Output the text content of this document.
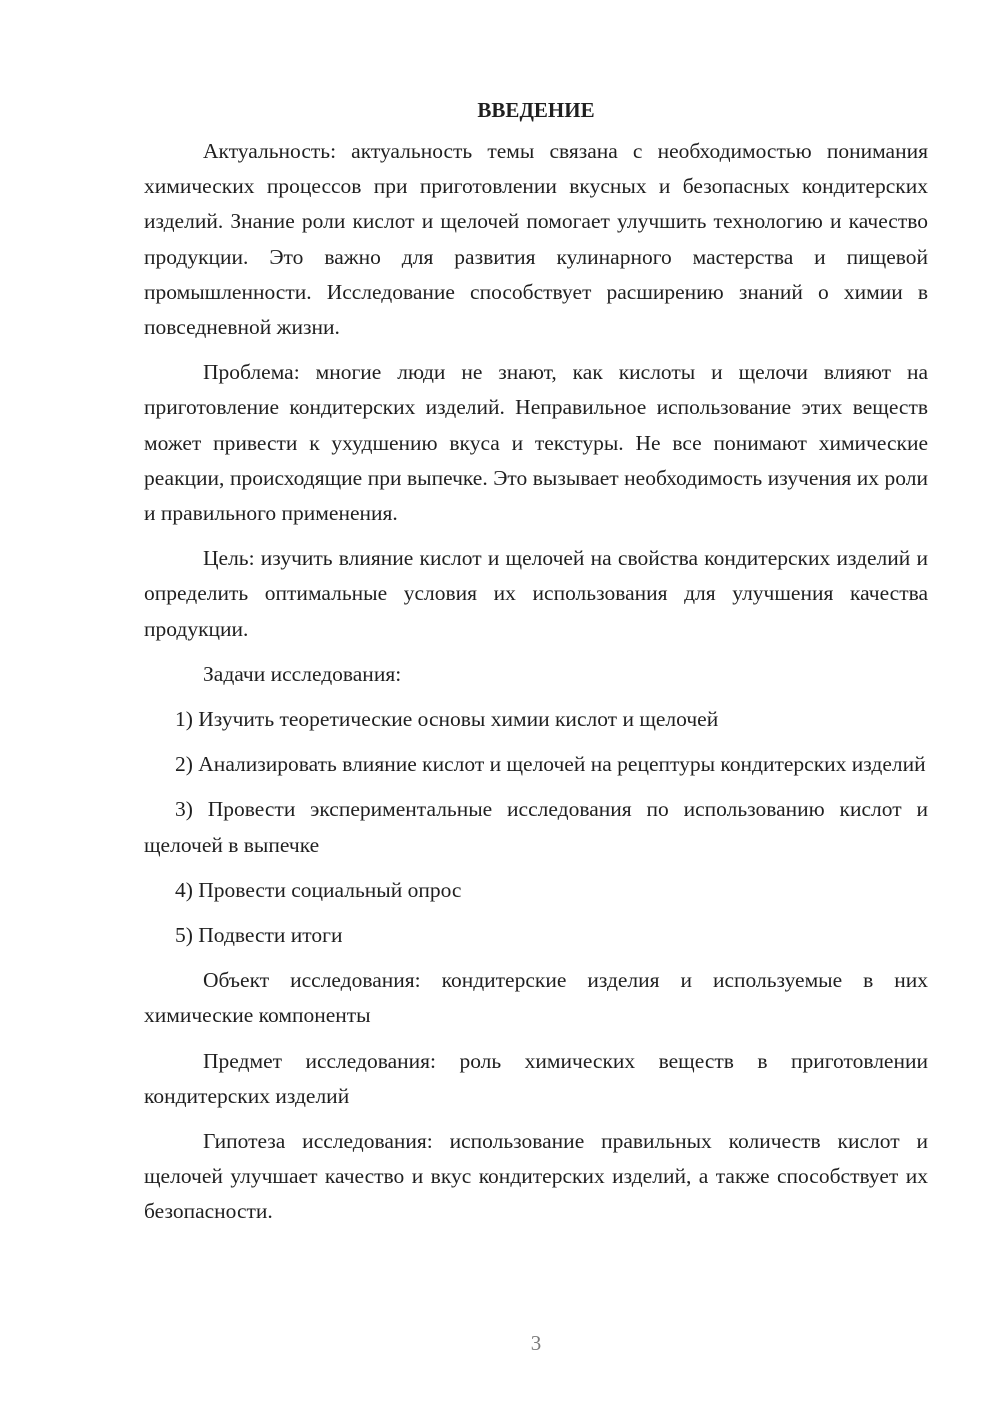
ВВЕДЕНИЕ

Актуальность: актуальность темы связана с необходимостью понимания химических процессов при приготовлении вкусных и безопасных кондитерских изделий. Знание роли кислот и щелочей помогает улучшить технологию и качество продукции. Это важно для развития кулинарного мастерства и пищевой промышленности. Исследование способствует расширению знаний о химии в повседневной жизни.

Проблема: многие люди не знают, как кислоты и щелочи влияют на приготовление кондитерских изделий. Неправильное использование этих веществ может привести к ухудшению вкуса и текстуры. Не все понимают химические реакции, происходящие при выпечке. Это вызывает необходимость изучения их роли и правильного применения.

Цель: изучить влияние кислот и щелочей на свойства кондитерских изделий и определить оптимальные условия их использования для улучшения качества продукции.

Задачи исследования:

1) Изучить теоретические основы химии кислот и щелочей

2) Анализировать влияние кислот и щелочей на рецептуры кондитерских изделий

3) Провести экспериментальные исследования по использованию кислот и щелочей в выпечке

4) Провести социальный опрос

5) Подвести итоги

Объект исследования: кондитерские изделия и используемые в них химические компоненты

Предмет исследования: роль химических веществ в приготовлении кондитерских изделий

Гипотеза исследования: использование правильных количеств кислот и щелочей улучшает качество и вкус кондитерских изделий, а также способствует их безопасности.

3
